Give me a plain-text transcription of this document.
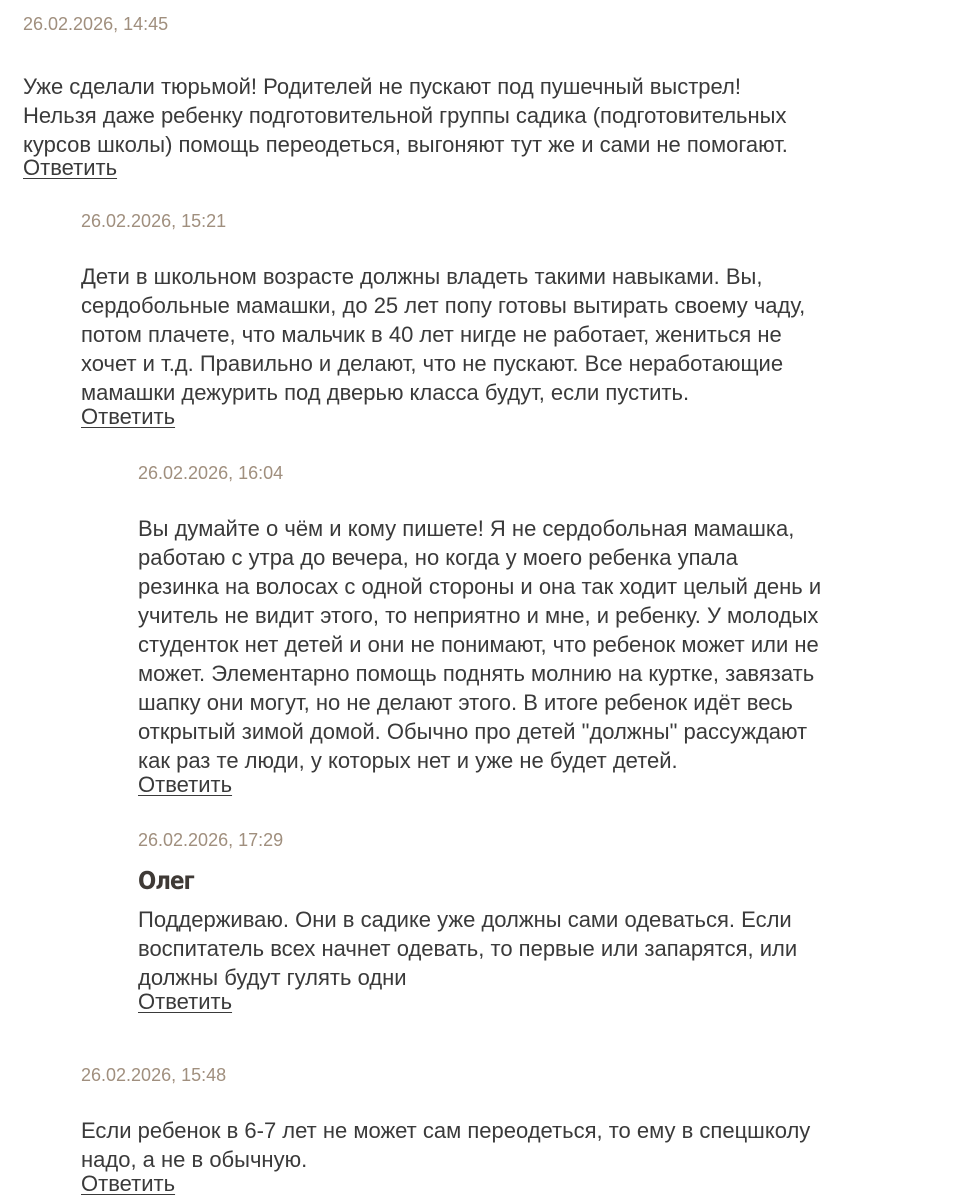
26.02.2026, 14:45

Уже сделали тюрьмой! Родителей не пускают под пушечный выстрел!
Нельзя даже ребенку подготовительной группы садика (подготовительных
курсов школы) помощь переодеться, выгоняют тут же и сами не помогают.

Ответить
26.02.2026, 15:21

Дети в школьном возрасте должны владеть такими навыками. Вы,
сердобольные мамашки, до 25 лет попу готовы вытирать своему чаду,
потом плачете, что мальчик в 40 лет нигде не работает, жениться не
хочет и т.д. Правильно и делают, что не пускают. Все неработающие
мамашки дежурить под дверью класса будут, если пустить.

Ответить
26.02.2026, 16:04

Вы думайте о чём и кому пишете! Я не сердобольная мамашка,
работаю с утра до вечера, но когда у моего ребенка упала
резинка на волосах с одной стороны и она так ходит целый день и
учитель не видит этого, то неприятно и мне, и ребенку. У молодых
студенток нет детей и они не понимают, что ребенок может или не
может. Элементарно помощь поднять молнию на куртке, завязать
шапку они могут, но не делают этого. В итоге ребенок идёт весь
открытый зимой домой. Обычно про детей "должны" рассуждают
как раз те люди, у которых нет и уже не будет детей.

Ответить
26.02.2026, 17:29
Олег

Поддерживаю. Они в садике уже должны сами одеваться. Если
воспитатель всех начнет одевать, то первые или запарятся, или
должны будут гулять одни

Ответить
26.02.2026, 15:48

Если ребенок в 6-7 лет не может сам переодеться, то ему в спецшколу
надо, а не в обычную.

Ответить
